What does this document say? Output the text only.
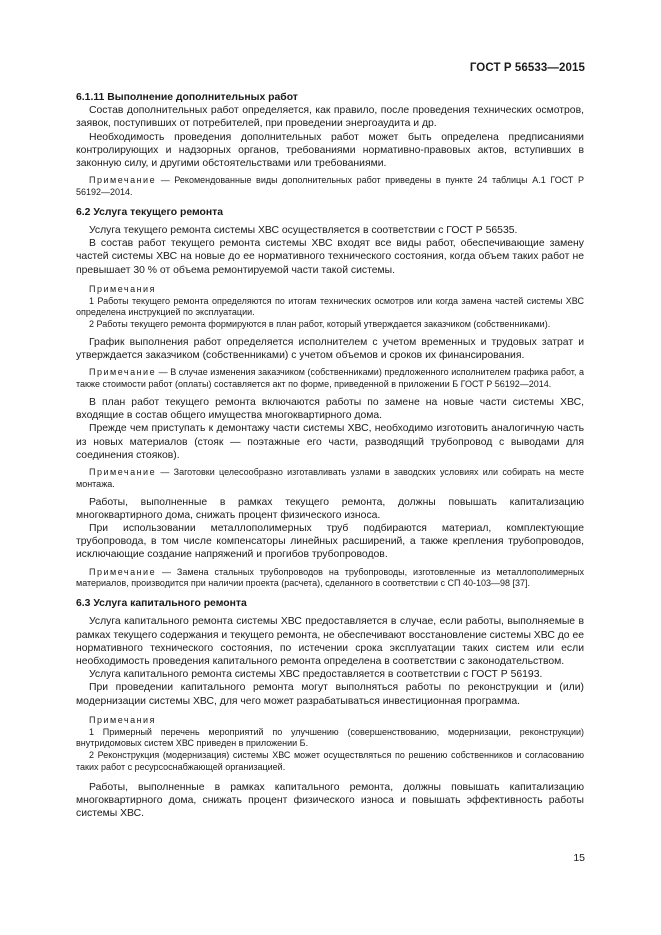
ГОСТ Р 56533—2015

6.1.11 Выполнение дополнительных работ

Состав дополнительных работ определяется, как правило, после проведения технических осмотров, заявок, поступивших от потребителей, при проведении энергоаудита и др.

Необходимость проведения дополнительных работ может быть определена предписаниями контролирующих и надзорных органов, требованиями нормативно-правовых актов, вступивших в законную силу, и другими обстоятельствами или требованиями.

Примечание — Рекомендованные виды дополнительных работ приведены в пункте 24 таблицы А.1 ГОСТ Р 56192—2014.

6.2 Услуга текущего ремонта

Услуга текущего ремонта системы ХВС осуществляется в соответствии с ГОСТ Р 56535.

В состав работ текущего ремонта системы ХВС входят все виды работ, обеспечивающие замену частей системы ХВС на новые до ее нормативного технического состояния, когда объем таких работ не превышает 30 % от объема ремонтируемой части такой системы.

Примечания

1 Работы текущего ремонта определяются по итогам технических осмотров или когда замена частей системы ХВС определена инструкцией по эксплуатации.

2 Работы текущего ремонта формируются в план работ, который утверждается заказчиком (собственниками).

График выполнения работ определяется исполнителем с учетом временных и трудовых затрат и утверждается заказчиком (собственниками) с учетом объемов и сроков их финансирования.

Примечание — В случае изменения заказчиком (собственниками) предложенного исполнителем графика работ, а также стоимости работ (оплаты) составляется акт по форме, приведенной в приложении Б ГОСТ Р 56192—2014.

В план работ текущего ремонта включаются работы по замене на новые части системы ХВС, входящие в состав общего имущества многоквартирного дома.

Прежде чем приступать к демонтажу части системы ХВС, необходимо изготовить аналогичную часть из новых материалов (стояк — поэтажные его части, разводящий трубопровод с выводами для соединения стояков).

Примечание — Заготовки целесообразно изготавливать узлами в заводских условиях или собирать на месте монтажа.

Работы, выполненные в рамках текущего ремонта, должны повышать капитализацию многоквартирного дома, снижать процент физического износа.

При использовании металлополимерных труб подбираются материал, комплектующие трубопровода, в том числе компенсаторы линейных расширений, а также крепления трубопроводов, исключающие создание напряжений и прогибов трубопроводов.

Примечание — Замена стальных трубопроводов на трубопроводы, изготовленные из металлополимерных материалов, производится при наличии проекта (расчета), сделанного в соответствии с СП 40-103—98 [37].

6.3 Услуга капитального ремонта

Услуга капитального ремонта системы ХВС предоставляется в случае, если работы, выполняемые в рамках текущего содержания и текущего ремонта, не обеспечивают восстановление системы ХВС до ее нормативного технического состояния, по истечении срока эксплуатации таких систем или если необходимость проведения капитального ремонта определена в соответствии с законодательством.

Услуга капитального ремонта системы ХВС предоставляется в соответствии с ГОСТ Р 56193.

При проведении капитального ремонта могут выполняться работы по реконструкции и (или) модернизации системы ХВС, для чего может разрабатываться инвестиционная программа.

Примечания

1 Примерный перечень мероприятий по улучшению (совершенствованию, модернизации, реконструкции) внутридомовых систем ХВС приведен в приложении Б.

2 Реконструкция (модернизация) системы ХВС может осуществляться по решению собственников и согласованию таких работ с ресурсоснабжающей организацией.

Работы, выполненные в рамках капитального ремонта, должны повышать капитализацию многоквартирного дома, снижать процент физического износа и повышать эффективность работы системы ХВС.

15
